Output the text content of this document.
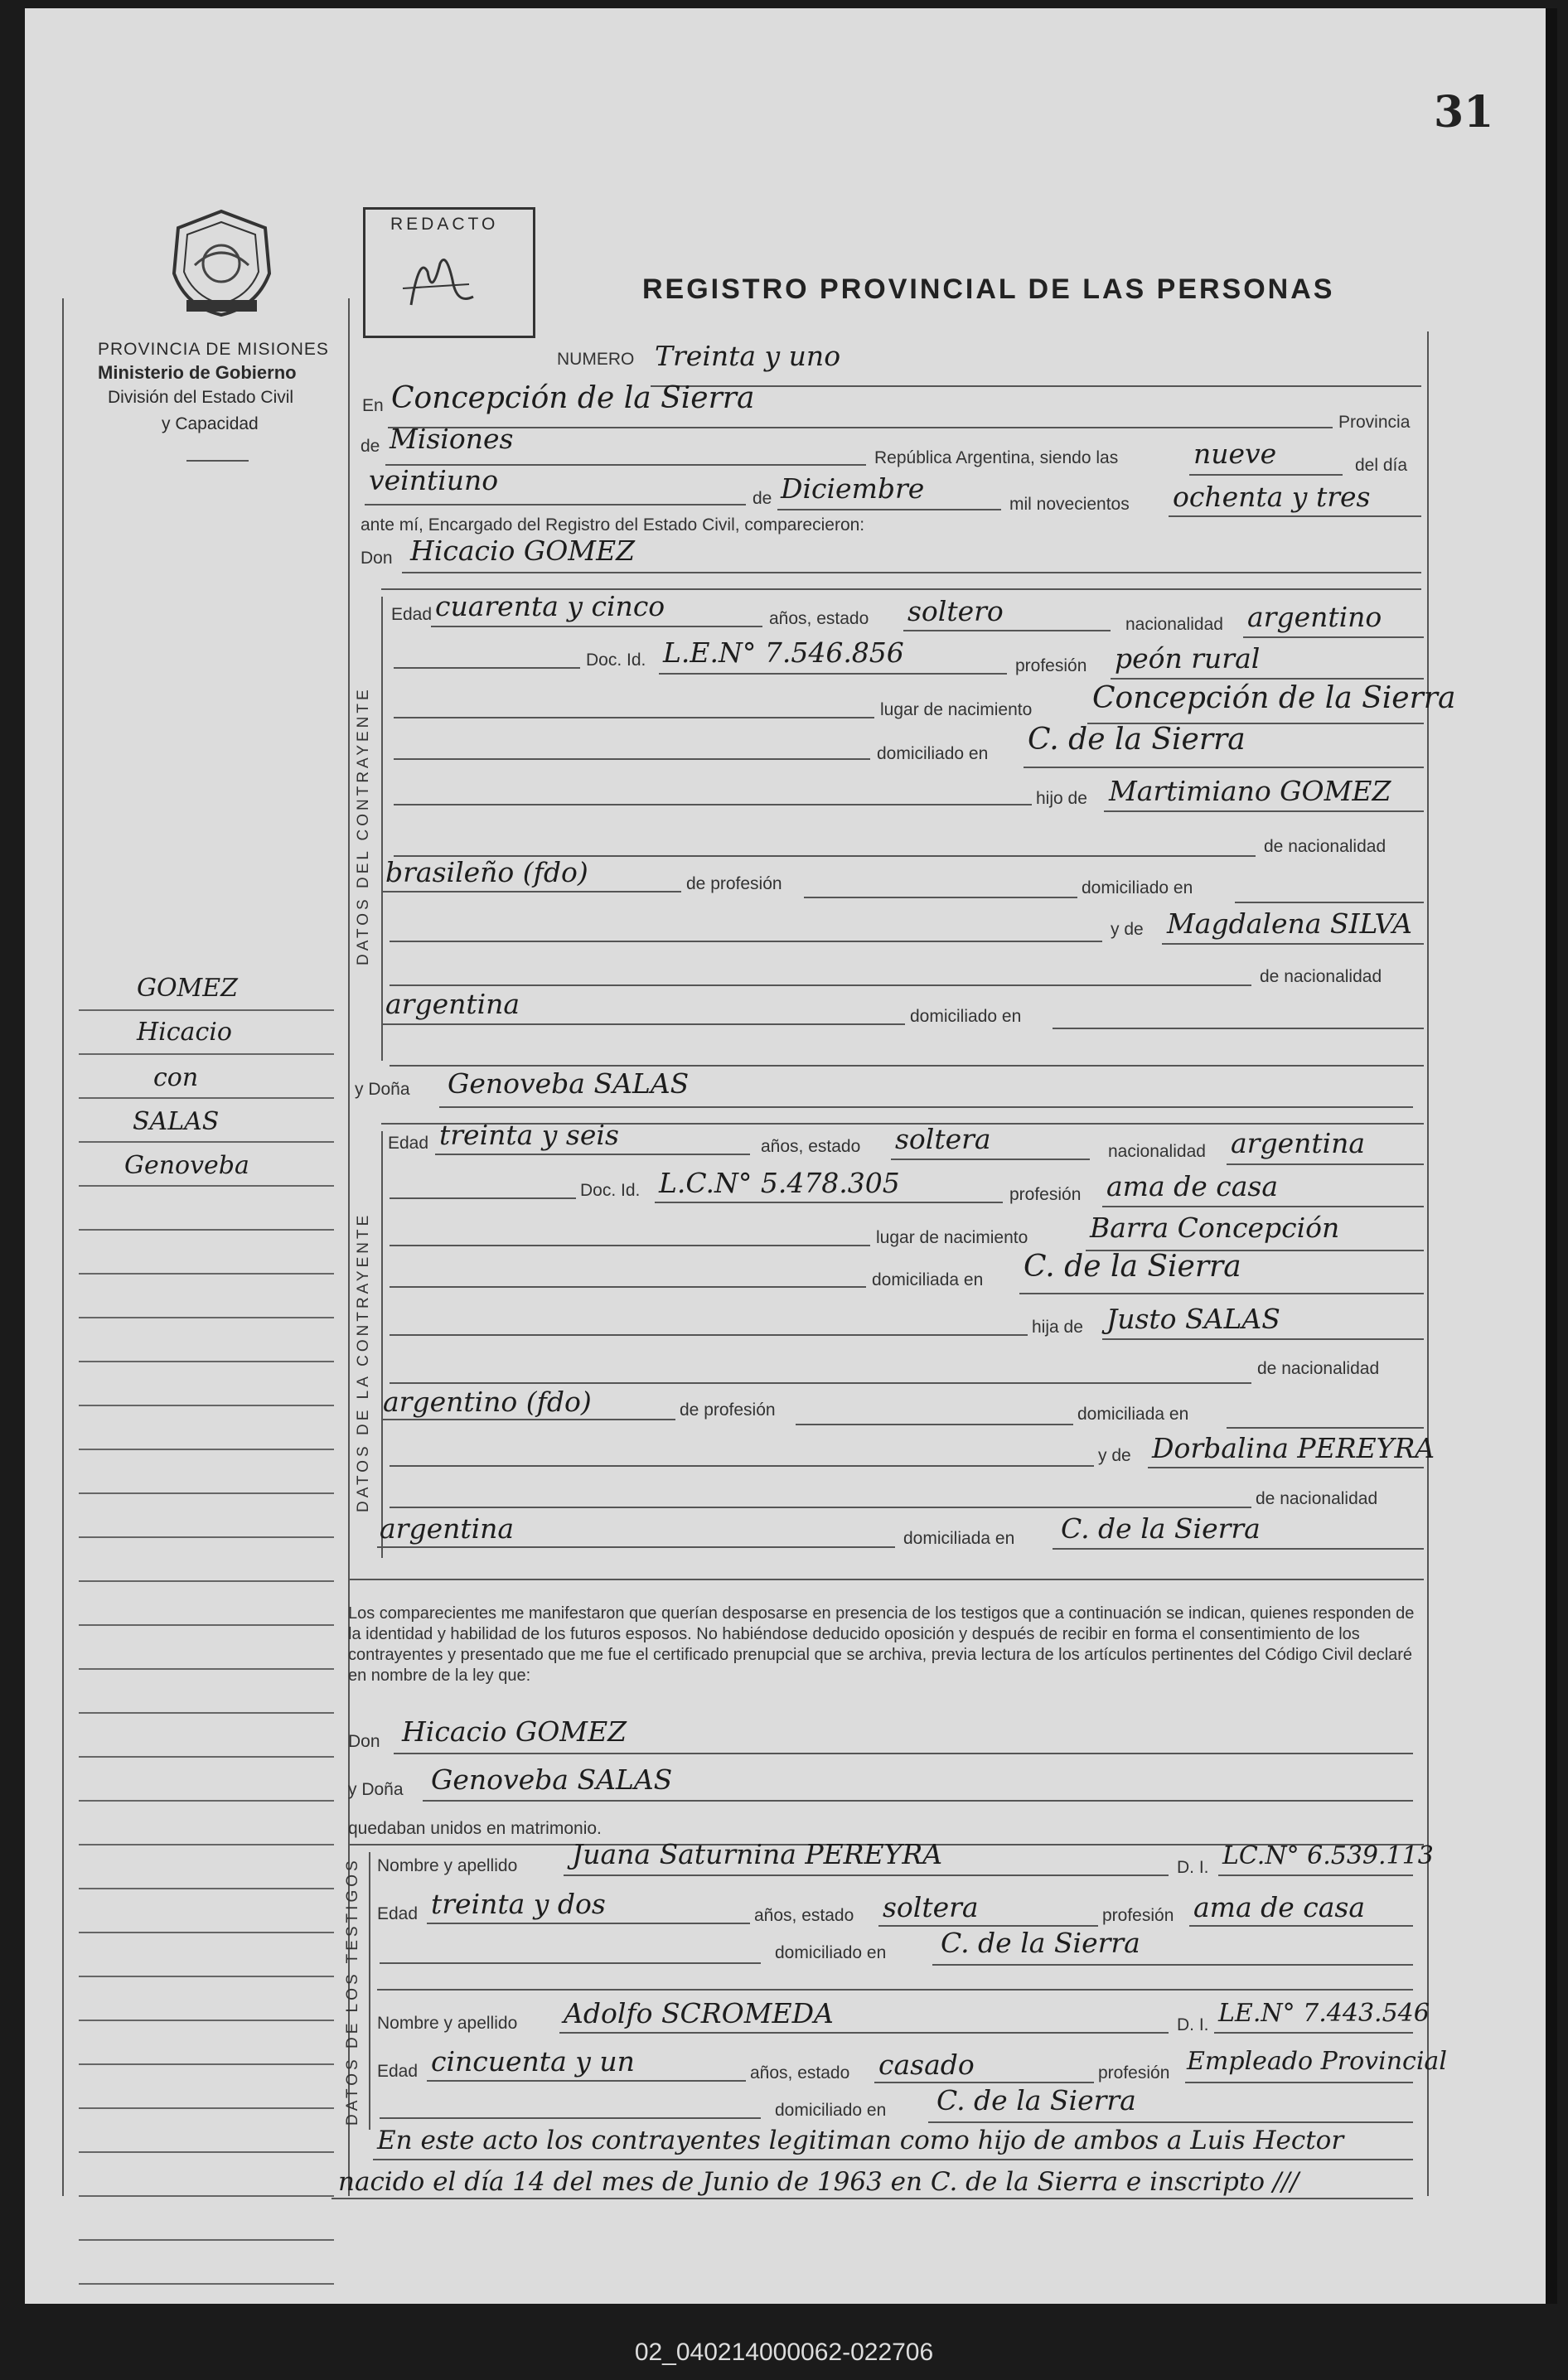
31
PROVINCIA DE MISIONES
Ministerio de Gobierno
División del Estado Civil
y Capacidad
REDACTO
REGISTRO PROVINCIAL DE LAS PERSONAS
GOMEZ
Hicacio
con
SALAS
Genoveba
NUMERO Treinta y uno
En Concepción de la Sierra
Provincia
de Misiones
República Argentina, siendo las	nueve	del día
veintiuno
de Diciembre	mil novecientos ochenta y tres
ante mí, Encargado del Registro del Estado Civil, comparecieron:
Don Hicacio GOMEZ
DATOS DEL CONTRAYENTE
Edad cuarenta y cinco	años, estado soltero	nacionalidad argentino
Doc. Id. L.E.N° 7.546.856	profesión peón rural
lugar de nacimiento Concepción de la Sierra
domiciliado en C. de la Sierra
hijo de Martimiano GOMEZ
de nacionalidad
brasileño (fdo)	de profesión	domiciliado en
y de Magdalena SILVA
de nacionalidad
argentina	domiciliado en
y Doña Genoveba SALAS
DATOS DE LA CONTRAYENTE
Edad treinta y seis	años, estado soltera	nacionalidad argentina
Doc. Id. L.C.N° 5.478.305	profesión ama de casa
lugar de nacimiento Barra Concepción
domiciliada en C. de la Sierra
hija de Justo SALAS
de nacionalidad
argentino (fdo)	de profesión	domiciliada en
y de Dorbalina PEREYRA
de nacionalidad
argentina	domiciliada en C. de la Sierra
Los comparecientes me manifestaron que querían desposarse en presencia de los testigos que a continuación se indican, quienes responden de la identidad y habilidad de los futuros esposos. No habiéndose deducido oposición y después de recibir en forma el consentimiento de los contrayentes y presentado que me fue el certificado prenupcial que se archiva, previa lectura de los artículos pertinentes del Código Civil declaré en nombre de la ley que:
Don Hicacio GOMEZ
y Doña Genoveba SALAS
quedaban unidos en matrimonio.
DATOS DE LOS TESTIGOS Nombre y apellido Juana Saturnina PEREYRA	D. I. LC.N° 6.539.113
Edad treinta y dos	años, estado soltera	profesión ama de casa
domiciliado en C. de la Sierra
Nombre y apellido Adolfo SCROMEDA	D. I. LE.N° 7.443.546
Edad cincuenta y un	años, estado casado	profesión Empleado Provincial
domiciliado en C. de la Sierra
En este acto los contrayentes legitiman como hijo de ambos a Luis Hector
nacido el día 14 del mes de Junio de 1963 en C. de la Sierra e inscripto ///
02_040214000062-022706
